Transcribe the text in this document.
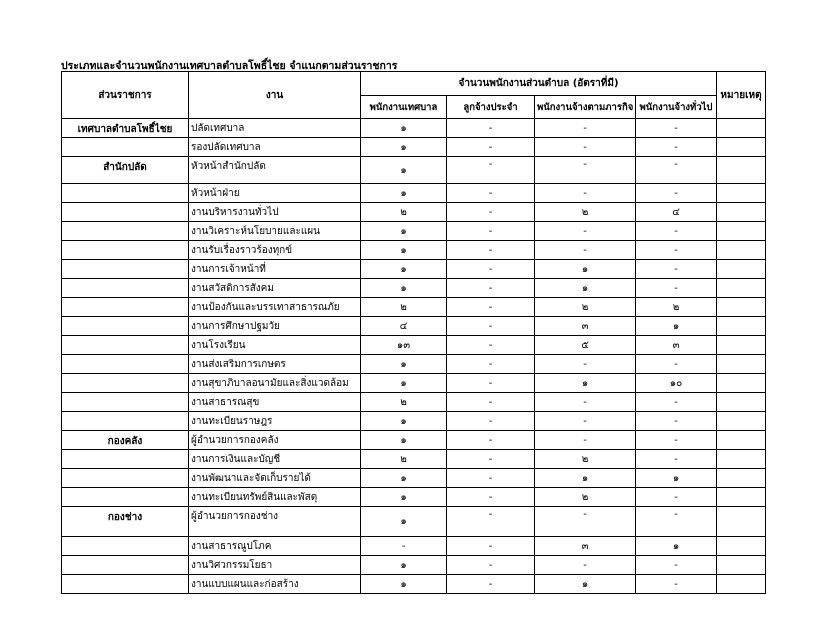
ประเภทและจำนวนพนักงานเทศบาลตำบลโพธิ์ไชย จำแนกตามส่วนราชการ
ส่วนราชการ	งาน	จำนวนพนักงานส่วนตำบล (อัตราที่มี)				หมายเหตุ
		พนักงานเทศบาล	ลูกจ้างประจำ	พนักงานจ้างตามภารกิจ	พนักงานจ้างทั่วไป	
เทศบาลตำบลโพธิ์ไชย	ปลัดเทศบาล	๑	-	-	-	
	รองปลัดเทศบาล	๑	-	-	-	
สำนักปลัด	หัวหน้าสำนักปลัด	๑	-	-	-	
	หัวหน้าฝ่าย	๑	-	-	-	
	งานบริหารงานทั่วไป	๒	-	๒	๔	
	งานวิเคราะห์นโยบายและแผน	๑	-	-	-	
	งานรับเรื่องราวร้องทุกข์	๑	-	-	-	
	งานการเจ้าหน้าที่	๑	-	๑	-	
	งานสวัสดิการสังคม	๑	-	๑	-	
	งานป้องกันและบรรเทาสาธารณภัย	๒	-	๒	๒	
	งานการศึกษาปฐมวัย	๔	-	๓	๑	
	งานโรงเรียน	๑๓	-	๕	๓	
	งานส่งเสริมการเกษตร	๑	-	-	-	
	งานสุขาภิบาลอนามัยและสิ่งแวดล้อม	๑	-	๑	๑๐	
	งานสาธารณสุข	๒	-	-	-	
	งานทะเบียนราษฎร	๑	-	-	-	
กองคลัง	ผู้อำนวยการกองคลัง	๑	-	-	-	
	งานการเงินและบัญชี	๒	-	๒	-	
	งานพัฒนาและจัดเก็บรายได้	๑	-	๑	๑	
	งานทะเบียนทรัพย์สินและพัสดุ	๑	-	๒	-	
กองช่าง	ผู้อำนวยการกองช่าง	๑	-	-	-	
	งานสาธารณูปโภค	-	-	๓	๑	
	งานวิศวกรรมโยธา	๑	-	-	-	
	งานแบบแผนและก่อสร้าง	๑	-	๑	-	
